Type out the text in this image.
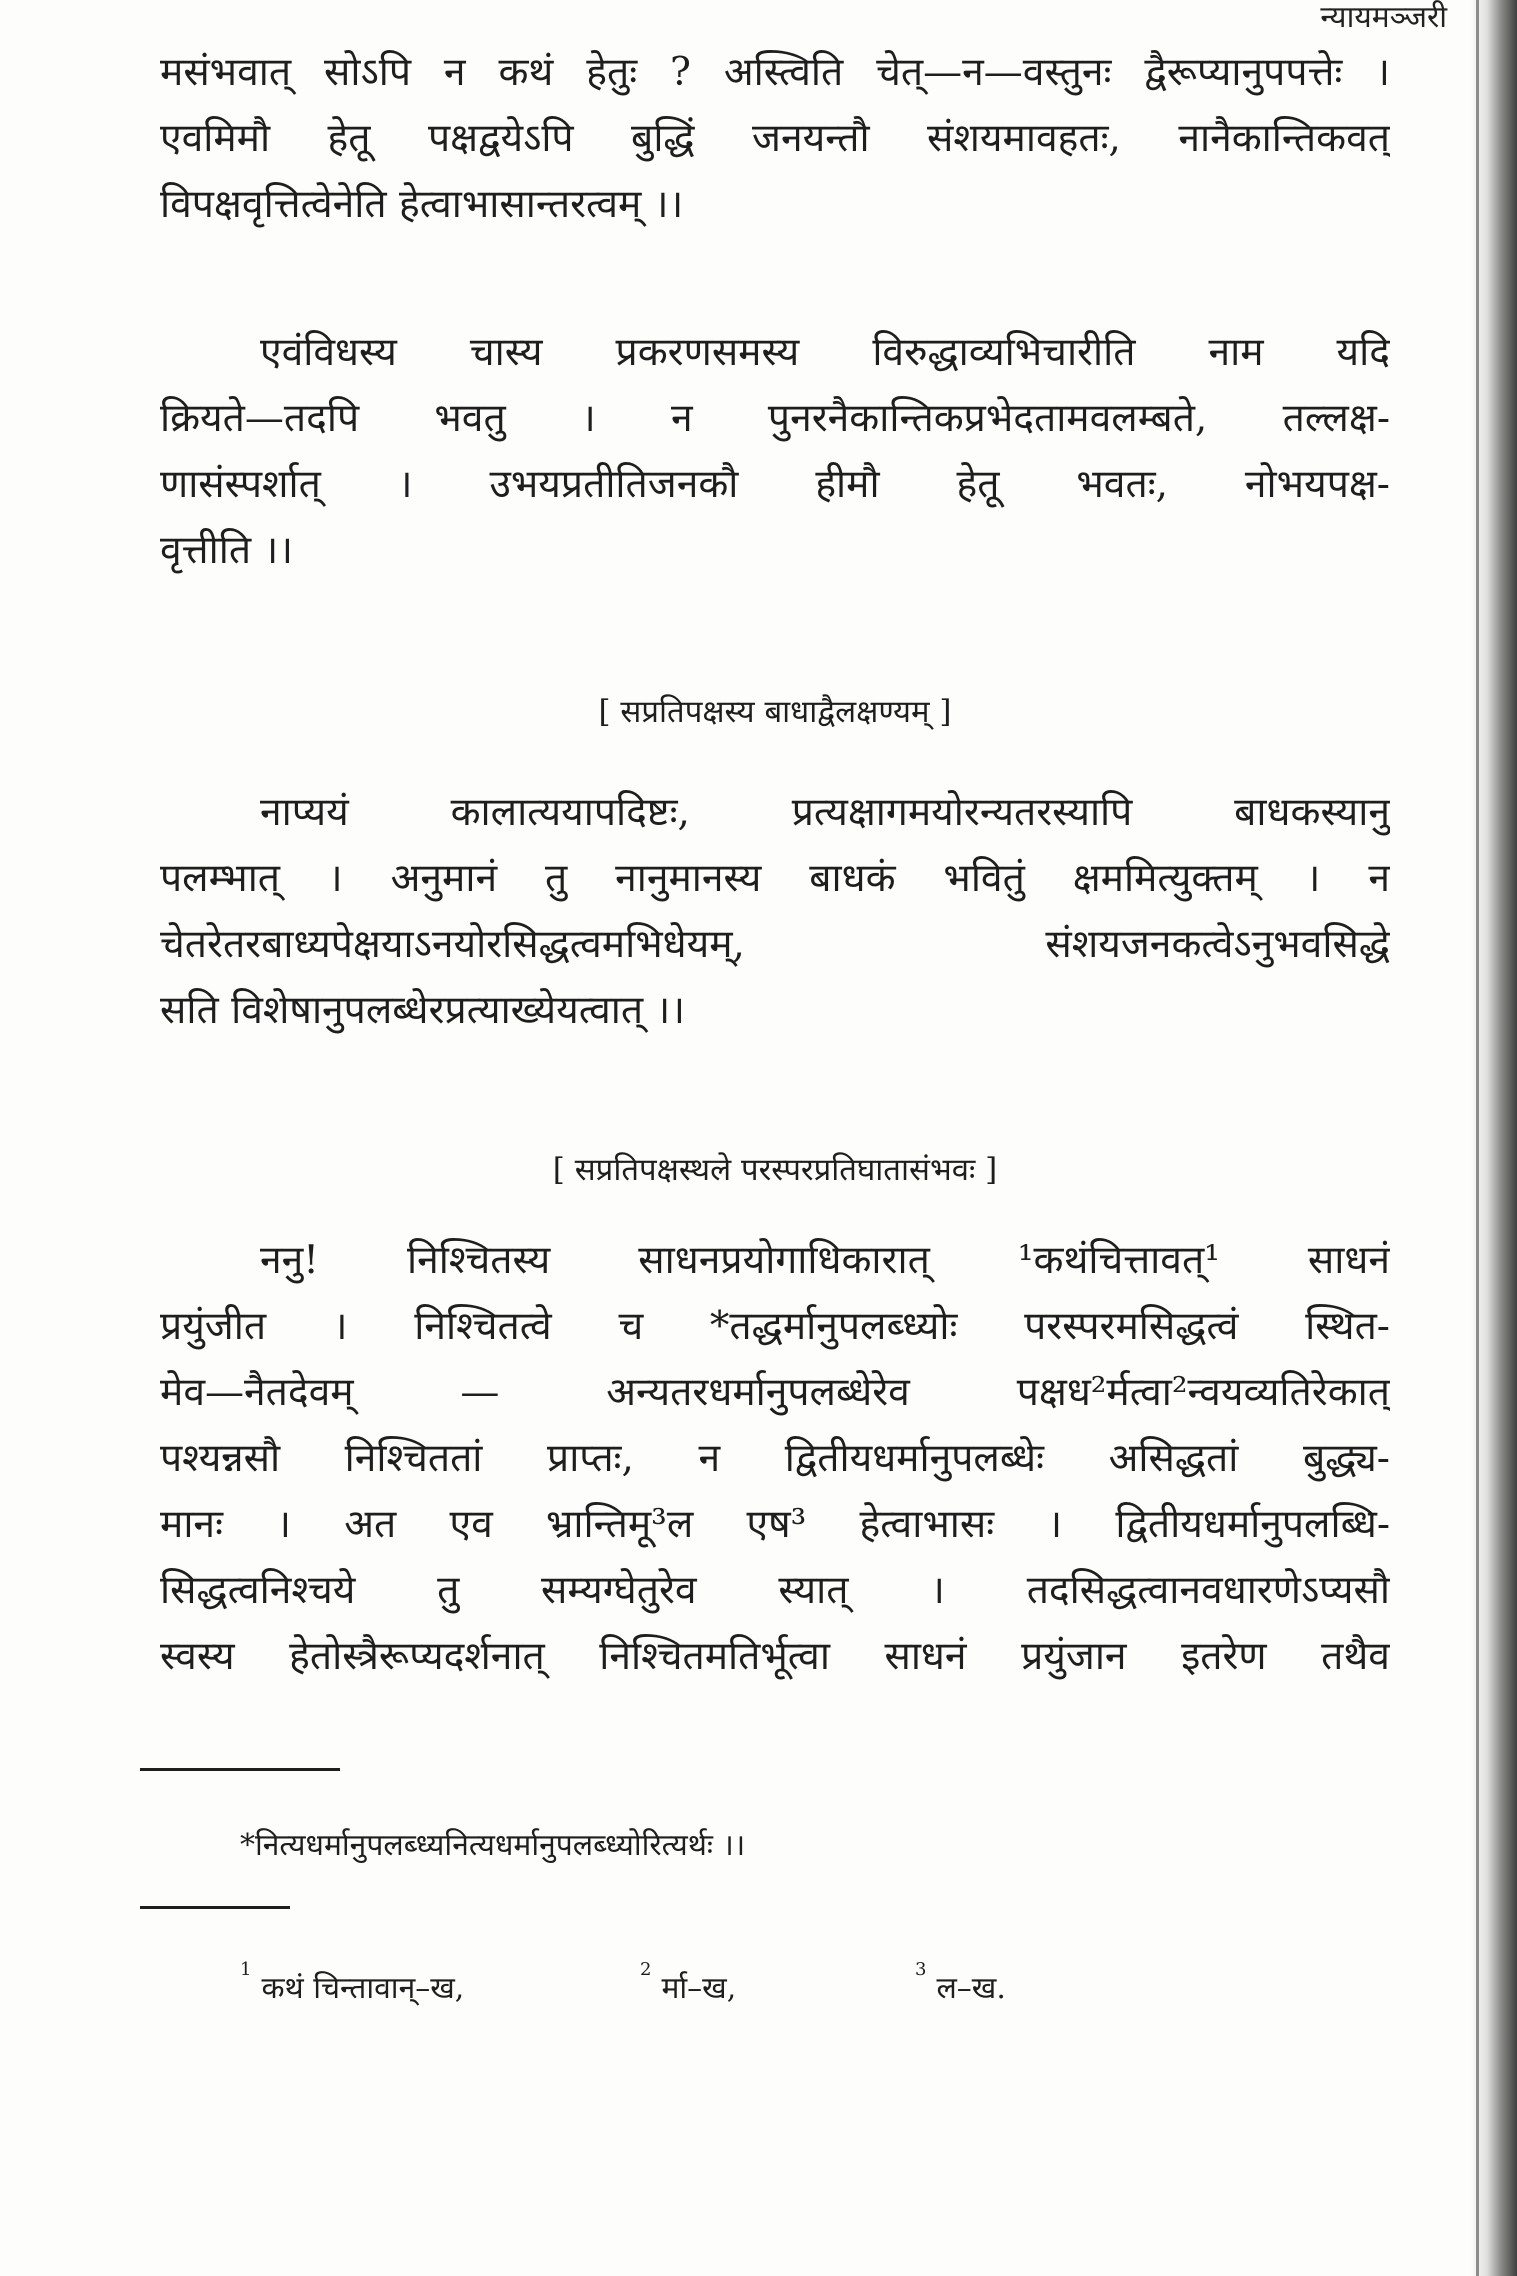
न्यायमञ्जरी
मसंभवात् सोऽपि न कथं हेतुः ? अस्त्विति चेत्—न—वस्तुनः द्वैरूप्यानुपपत्तेः ।
एवमिमौ हेतू पक्षद्वयेऽपि बुद्धिं जनयन्तौ संशयमावहतः, नानैकान्तिकवत्
विपक्षवृत्तित्वेनेति हेत्वाभासान्तरत्वम् ।।
एवंविधस्य चास्य प्रकरणसमस्य विरुद्धाव्यभिचारीति नाम यदि
क्रियते—तदपि भवतु । न पुनरनैकान्तिकप्रभेदतामवलम्बते, तल्लक्ष-
णासंस्पर्शात् । उभयप्रतीतिजनकौ हीमौ हेतू भवतः, नोभयपक्ष-
वृत्तीति ।।
[ सप्रतिपक्षस्य बाधाद्वैलक्षण्यम् ]
नाप्ययं कालात्ययापदिष्टः, प्रत्यक्षागमयोरन्यतरस्यापि बाधकस्यानु
पलम्भात् । अनुमानं तु नानुमानस्य बाधकं भवितुं क्षममित्युक्तम् । न
चेतरेतरबाध्यपेक्षयाऽनयोरसिद्धत्वमभिधेयम्, संशयजनकत्वेऽनुभवसिद्धे
सति विशेषानुपलब्धेरप्रत्याख्येयत्वात् ।।
[ सप्रतिपक्षस्थले परस्परप्रतिघातासंभवः ]
ननु! निश्चितस्य साधनप्रयोगाधिकारात् ¹कथंचित्तावत्¹ साधनं
प्रयुंजीत । निश्चितत्वे च *तद्धर्मानुपलब्ध्योः परस्परमसिद्धत्वं स्थित-
मेव—नैतदेवम् — अन्यतरधर्मानुपलब्धेरेव पक्षध²र्मत्वा²न्वयव्यतिरेकात्
पश्यन्नसौ निश्चिततां प्राप्तः, न द्वितीयधर्मानुपलब्धेः असिद्धतां बुद्ध्य-
मानः । अत एव भ्रान्तिमू³ल एष³ हेत्वाभासः । द्वितीयधर्मानुपलब्धि-
सिद्धत्वनिश्चये तु सम्यग्घेतुरेव स्यात् । तदसिद्धत्वानवधारणेऽप्यसौ
स्वस्य हेतोस्त्रैरूप्यदर्शनात् निश्चितमतिर्भूत्वा साधनं प्रयुंजान इतरेण तथैव
*नित्यधर्मानुपलब्ध्यनित्यधर्मानुपलब्ध्योरित्यर्थः ।।
$^1$कथं चिन्तावान्–ख,
$^2$र्मा–ख,
$^3$ल–ख.
